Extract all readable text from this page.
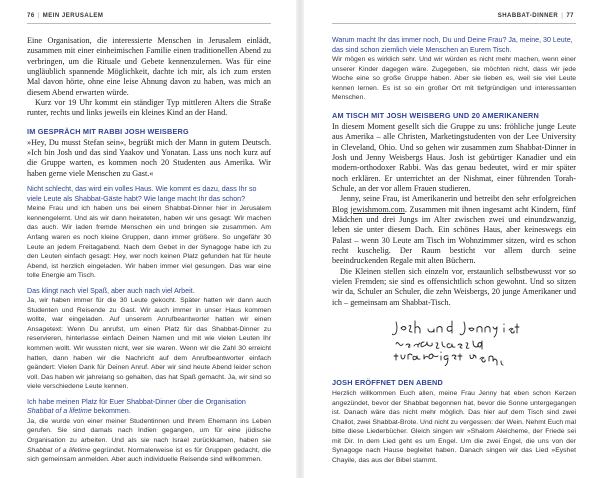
76 | MEIN JERUSALEM

Eine Organisation, die interessierte Menschen in Jerusalem einlädt, zusammen mit einer einheimischen Familie einen traditionellen Abend zu verbringen, um die Rituale und Gebete kennenzulernen. Was für eine ungläublich spannende Möglichkeit, dachte ich mir, als ich zum ersten Mal davon hörte, ohne eine leise Ahnung davon zu haben, was mich an diesem Abend erwarten würde.

Kurz vor 19 Uhr kommt ein ständiger Typ mittleren Alters die Straße runter, rechts und links jeweils ein kleines Kind an der Hand.

IM GESPRÄCH MIT RABBI JOSH WEISBERG

»Hey, Du musst Stefan sein«, begrüßt mich der Mann in gutem Deutsch. »Ich bin Josh und das sind Yaakov und Yonatan. Lass uns noch kurz auf die Gruppe warten, es kommen noch 20 Studenten aus Amerika. Wir haben gerne viele Menschen zu Gast.«

Nicht schlecht, das wird ein volles Haus. Wie kommt es dazu, dass Ihr so viele Leute als Shabbat-Gäste habt? Wie lange macht Ihr das schon?

Meine Frau und ich haben uns bei einem Shabbat-Dinner hier in Jerusalem kennengelernt. Und als wir dann heirateten, haben wir uns gesagt: Wir machen das auch. Wir laden fremde Menschen ein und bringen sie zusammen. Am Anfang waren es noch kleine Gruppen, dann immer größere. So ungefähr 30 Leute an jedem Freitagabend. Nach dem Gebet in der Synagoge habe ich zu den Leuten einfach gesagt: Hey, wer noch keinen Platz gefunden hat für heute Abend, ist herzlich eingeladen. Wir haben immer viel gesungen. Das war eine tolle Energie am Tisch.

Das klingt nach viel Spaß, aber auch nach viel Arbeit.

Ja, wir haben immer für die 30 Leute gekocht. Später hatten wir dann auch Studenten und Reisende zu Gast. Wir auch immer in unser Haus kommen wollte, war eingeladen. Auf unserem Anrufbeantworter hatten wir einen Ansagetext: Wenn Du anrufst, um einen Platz für das Shabbat-Dinner zu reservieren, hinterlasse einfach Deinen Namen und mit wie vielen Leuten Ihr kommen wollt. Wir wussten nicht, wer sie waren. Wenn wir die Zahl 30 erreicht hatten, dann haben wir die Nachricht auf dem Anrufbeantworter einfach geändert: Vielen Dank für Deinen Anruf. Aber wir sind heute Abend leider schon voll. Das haben wir jahrelang so gehalten, das hat Spaß gemacht. Ja, wir sind so viele verschiedene Leute kennen.

Ich habe meinen Platz für Euer Shabbat-Dinner über die Organisation Shabbat of a lifetime bekommen.

Ja, die wurde von einer meiner Studentinnen und Ihrem Ehemann ins Leben gerufen. Sie sind damals nach Indien gegangen, um für eine jüdische Organisation zu arbeiten. Und als sie nach Israel zurückkamen, haben sie Shabbat of a lifetime gegründet. Normalerweise ist es für Gruppen gedacht, die sich gemeinsam anmelden. Aber auch individuelle Reisende sind willkommen.

SHABBAT-DINNER | 77

Warum macht Ihr das immer noch, Du und Deine Frau? Ja, meine, 30 Leute, das sind schon ziemlich viele Menschen an Eurem Tisch.

Wir mögen es wirklich sehr. Und wir würden es nicht mehr machen, wenn einer unserer Kinder dagegen wäre. Zugegeben, sie möchten nicht, dass wir jede Woche eine so große Gruppe haben. Aber sie lieben es, weil sie viel Leute kennen lernen. Es ist so ein großer Ort mit tiefgründigen und interessanten Menschen.

AM TISCH MIT JOSH WEISBERG UND 20 AMERIKANERN

In diesem Moment gesellt sich die Gruppe zu uns: fröhliche junge Leute aus Amerika – alle Christen, Marketingstudenten von der Lee University in Cleveland, Ohio. Und so gehen wir zusammen zum Shabbat-Dinner in Josh und Jenny Weisbergs Haus. Josh ist gebürtiger Kanadier und ein modern-orthodoxer Rabbi. Was das genau bedeutet, wird er mir später noch erklären. Er unterrichtet an der Nishmat, einer führenden Torah-Schule, an der vor allem Frauen studieren.

Jenny, seine Frau, ist Amerikanerin und betreibt den sehr erfolgreichen Blog jewishmom.com. Zusammen mit ihnen ingesamt acht Kindern, fünf Mädchen und drei Jungs im Alter zwischen zwei und einundzwanzig, leben sie unter diesem Dach. Ein schönes Haus, aber keineswegs ein Palast – wenn 30 Leute am Tisch im Wohnzimmer sitzen, wird es schon recht kuschelig. Der Raum besticht vor allem durch seine beeindruckenden Regale mit alten Büchern.

Die Kleinen stellen sich einzeln vor, erstaunlich selbstbewusst vor so vielen Fremden; sie sind es offensichtlich schon gewohnt. Und so sitzen wir da, Schuler an Schuler, die zehn Weisbergs, 20 junge Amerikaner und ich – gemeinsam am Shabbat-Tisch.

JOSH ERÖFFNET DEN ABEND

Herzlich willkommen Euch allen, meine Frau Jenny hat eben schon Kerzen angezündet, bevor der Shabbat begonnen hat, bevor die Sonne untergegangen ist. Danach wäre das nicht mehr möglich. Das hier auf dem Tisch sind zwei Challot, zwei Shabbat-Brote. Und nicht zu vergessen: der Wein. Nehmt Euch mal bitte diese Liederbücher. Gleich singen wir »Shalom Aleicheme, der Friede sei mit Dir. In dem Lied geht es um Engel. Um die zwei Engel, die uns von der Synagoge nach Hause begleitet haben. Danach singen wir das Lied »Eyshet Chayile, das aus der Bibel stammt.
